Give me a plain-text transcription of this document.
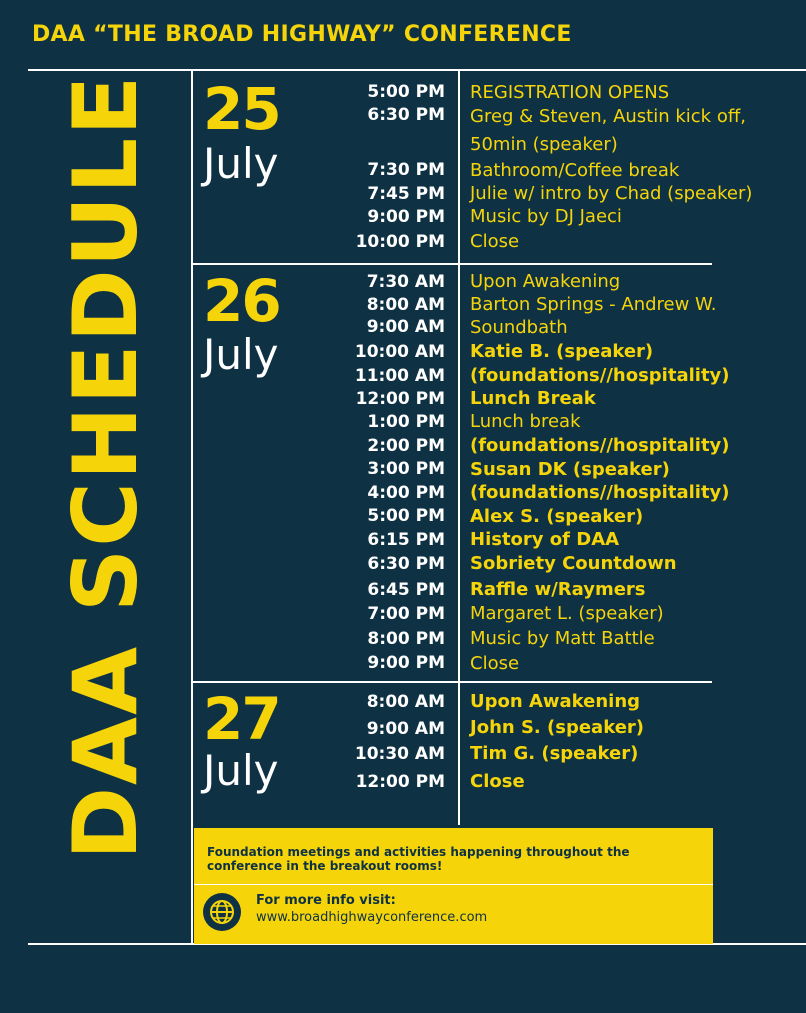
DAA “THE BROAD HIGHWAY” CONFERENCE
DAA SCHEDULE 25
July
5:00 PM
6:30 PM
7:30 PM
7:45 PM
9:00 PM
10:00 PM
REGISTRATION OPENS
Greg & Steven, Austin kick off,
50min (speaker)
Bathroom/Coffee break
Julie w/ intro by Chad (speaker)
Music by DJ Jaeci
Close
26
July
7:30 AM
8:00 AM
9:00 AM
10:00 AM
11:00 AM
12:00 PM
1:00 PM
2:00 PM
3:00 PM
4:00 PM
5:00 PM
6:15 PM
6:30 PM
6:45 PM
7:00 PM
8:00 PM
9:00 PM
Upon Awakening
Barton Springs - Andrew W.
Soundbath
Katie B. (speaker)
(foundations//hospitality)
Lunch Break
Lunch break
(foundations//hospitality)
Susan DK (speaker)
(foundations//hospitality)
Alex S. (speaker)
History of DAA
Sobriety Countdown
Raffle w/Raymers
Margaret L. (speaker)
Music by Matt Battle
Close
27
July
8:00 AM
9:00 AM
10:30 AM
12:00 PM
Upon Awakening
John S. (speaker)
Tim G. (speaker)
Close
Foundation meetings and activities happening throughout the conference in the breakout rooms!
For more info visit:
www.broadhighwayconference.com
